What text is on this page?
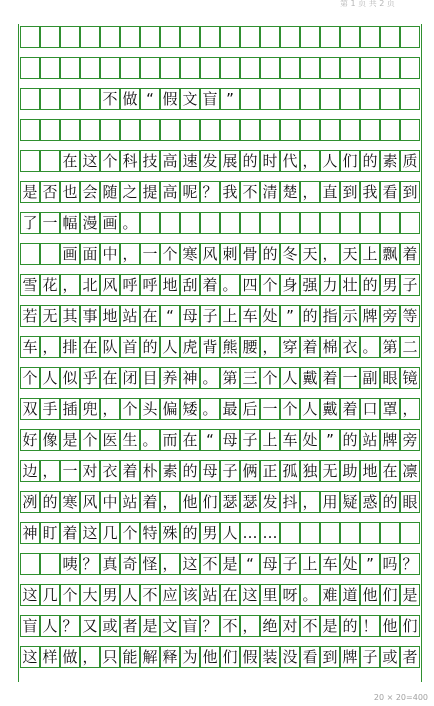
第 1 页 共 2 页
不 做 “ 假 文 盲 ”
在 这 个 科 技 高 速 发 展 的 时 代 ， 人 们 的 素 质
是 否 也 会 随 之 提 高 呢 ？ 我 不 清 楚 ， 直 到 我 看 到
了 一 幅 漫 画 。
画 面 中 ， 一 个 寒 风 刺 骨 的 冬 天 ， 天 上 飘 着
雪 花 ， 北 风 呼 呼 地 刮 着 。 四 个 身 强 力 壮 的 男 子
若 无 其 事 地 站 在 “ 母 子 上 车 处 ” 的 指 示 牌 旁 等
车 ， 排 在 队 首 的 人 虎 背 熊 腰 ， 穿 着 棉 衣 。 第 二
个 人 似 乎 在 闭 目 养 神 。 第 三 个 人 戴 着 一 副 眼 镜
双 手 插 兜 ， 个 头 偏 矮 。 最 后 一 个 人 戴 着 口 罩 ，
好 像 是 个 医 生 。 而 在 “ 母 子 上 车 处 ” 的 站 牌 旁
边 ， 一 对 衣 着 朴 素 的 母 子 俩 正 孤 独 无 助 地 在 凛
冽 的 寒 风 中 站 着 ， 他 们 瑟 瑟 发 抖 ， 用 疑 惑 的 眼
神 盯 着 这 几 个 特 殊 的 男 人 … …
咦 ？ 真 奇 怪 ， 这 不 是 “ 母 子 上 车 处 ” 吗 ？
这 几 个 大 男 人 不 应 该 站 在 这 里 呀 。 难 道 他 们 是
盲 人 ？ 又 或 者 是 文 盲 ？ 不 ， 绝 对 不 是 的 ！ 他 们
这 样 做 ， 只 能 解 释 为 他 们 假 装 没 看 到 牌 子 或 者
20 × 20=400
